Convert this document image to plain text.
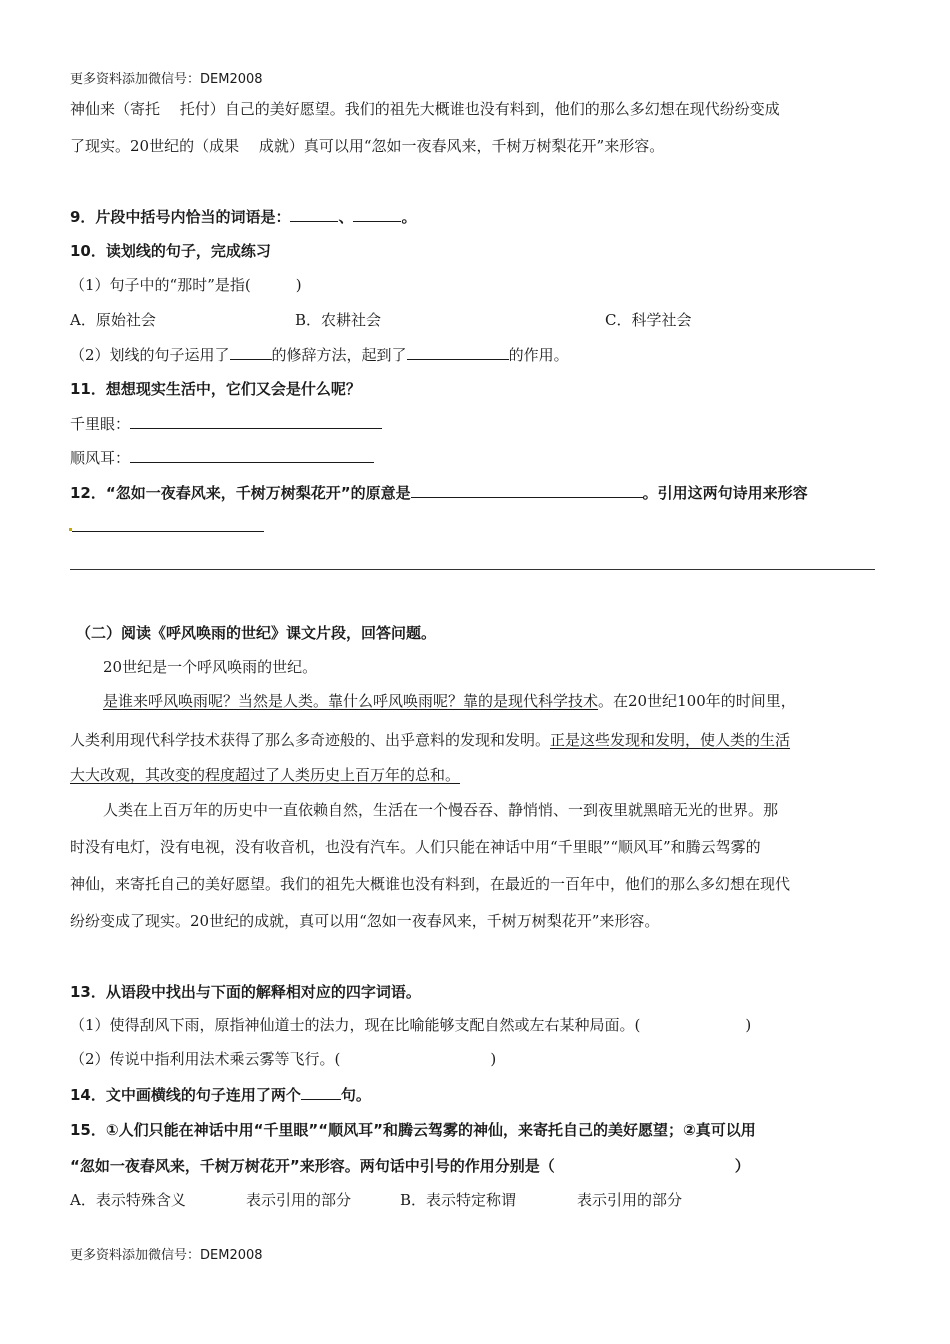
更多资料添加微信号：DEM2008
神仙来（寄托　 托付）自己的美好愿望。我们的祖先大概谁也没有料到，他们的那么多幻想在现代纷纷变成
了现实。20世纪的（成果　 成就）真可以用“忽如一夜春风来，千树万树梨花开”来形容。
9．片段中括号内恰当的词语是：	、	。
10．读划线的句子，完成练习
（1）句子中的“那时”是指(　　　)
A．原始社会	B．农耕社会	C．科学社会
（2）划线的句子运用了	的修辞方法，起到了	的作用。
11．想想现实生活中，它们又会是什么呢？
千里眼：
顺风耳：
12．“忽如一夜春风来，千树万树梨花开”的原意是	。引用这两句诗用来形容
（二）阅读《呼风唤雨的世纪》课文片段，回答问题。
20世纪是一个呼风唤雨的世纪。
是谁来呼风唤雨呢？当然是人类。靠什么呼风唤雨呢？靠的是现代科学技术。在20世纪100年的时间里，
人类利用现代科学技术获得了那么多奇迹般的、出乎意料的发现和发明。正是这些发现和发明，使人类的生活
大大改观，其改变的程度超过了人类历史上百万年的总和。
人类在上百万年的历史中一直依赖自然，生活在一个慢吞吞、静悄悄、一到夜里就黑暗无光的世界。那
时没有电灯，没有电视，没有收音机，也没有汽车。人们只能在神话中用“千里眼”“顺风耳”和腾云驾雾的
神仙，来寄托自己的美好愿望。我们的祖先大概谁也没有料到，在最近的一百年中，他们的那么多幻想在现代
纷纷变成了现实。20世纪的成就，真可以用“忽如一夜春风来，千树万树梨花开”来形容。
13．从语段中找出与下面的解释相对应的四字词语。
（1）使得刮风下雨，原指神仙道士的法力，现在比喻能够支配自然或左右某种局面。(　　　　　　　)
（2）传说中指利用法术乘云雾等飞行。(　　　　　　　　　　)
14．文中画横线的句子连用了两个	句。
15．①人们只能在神话中用“千里眼”“顺风耳”和腾云驾雾的神仙，来寄托自己的美好愿望；②真可以用
“忽如一夜春风来，千树万树花开”来形容。两句话中引号的作用分别是（　　　　　　　　　　　　）
A．表示特殊含义	表示引用的部分	B．表示特定称谓	表示引用的部分
更多资料添加微信号：DEM2008
